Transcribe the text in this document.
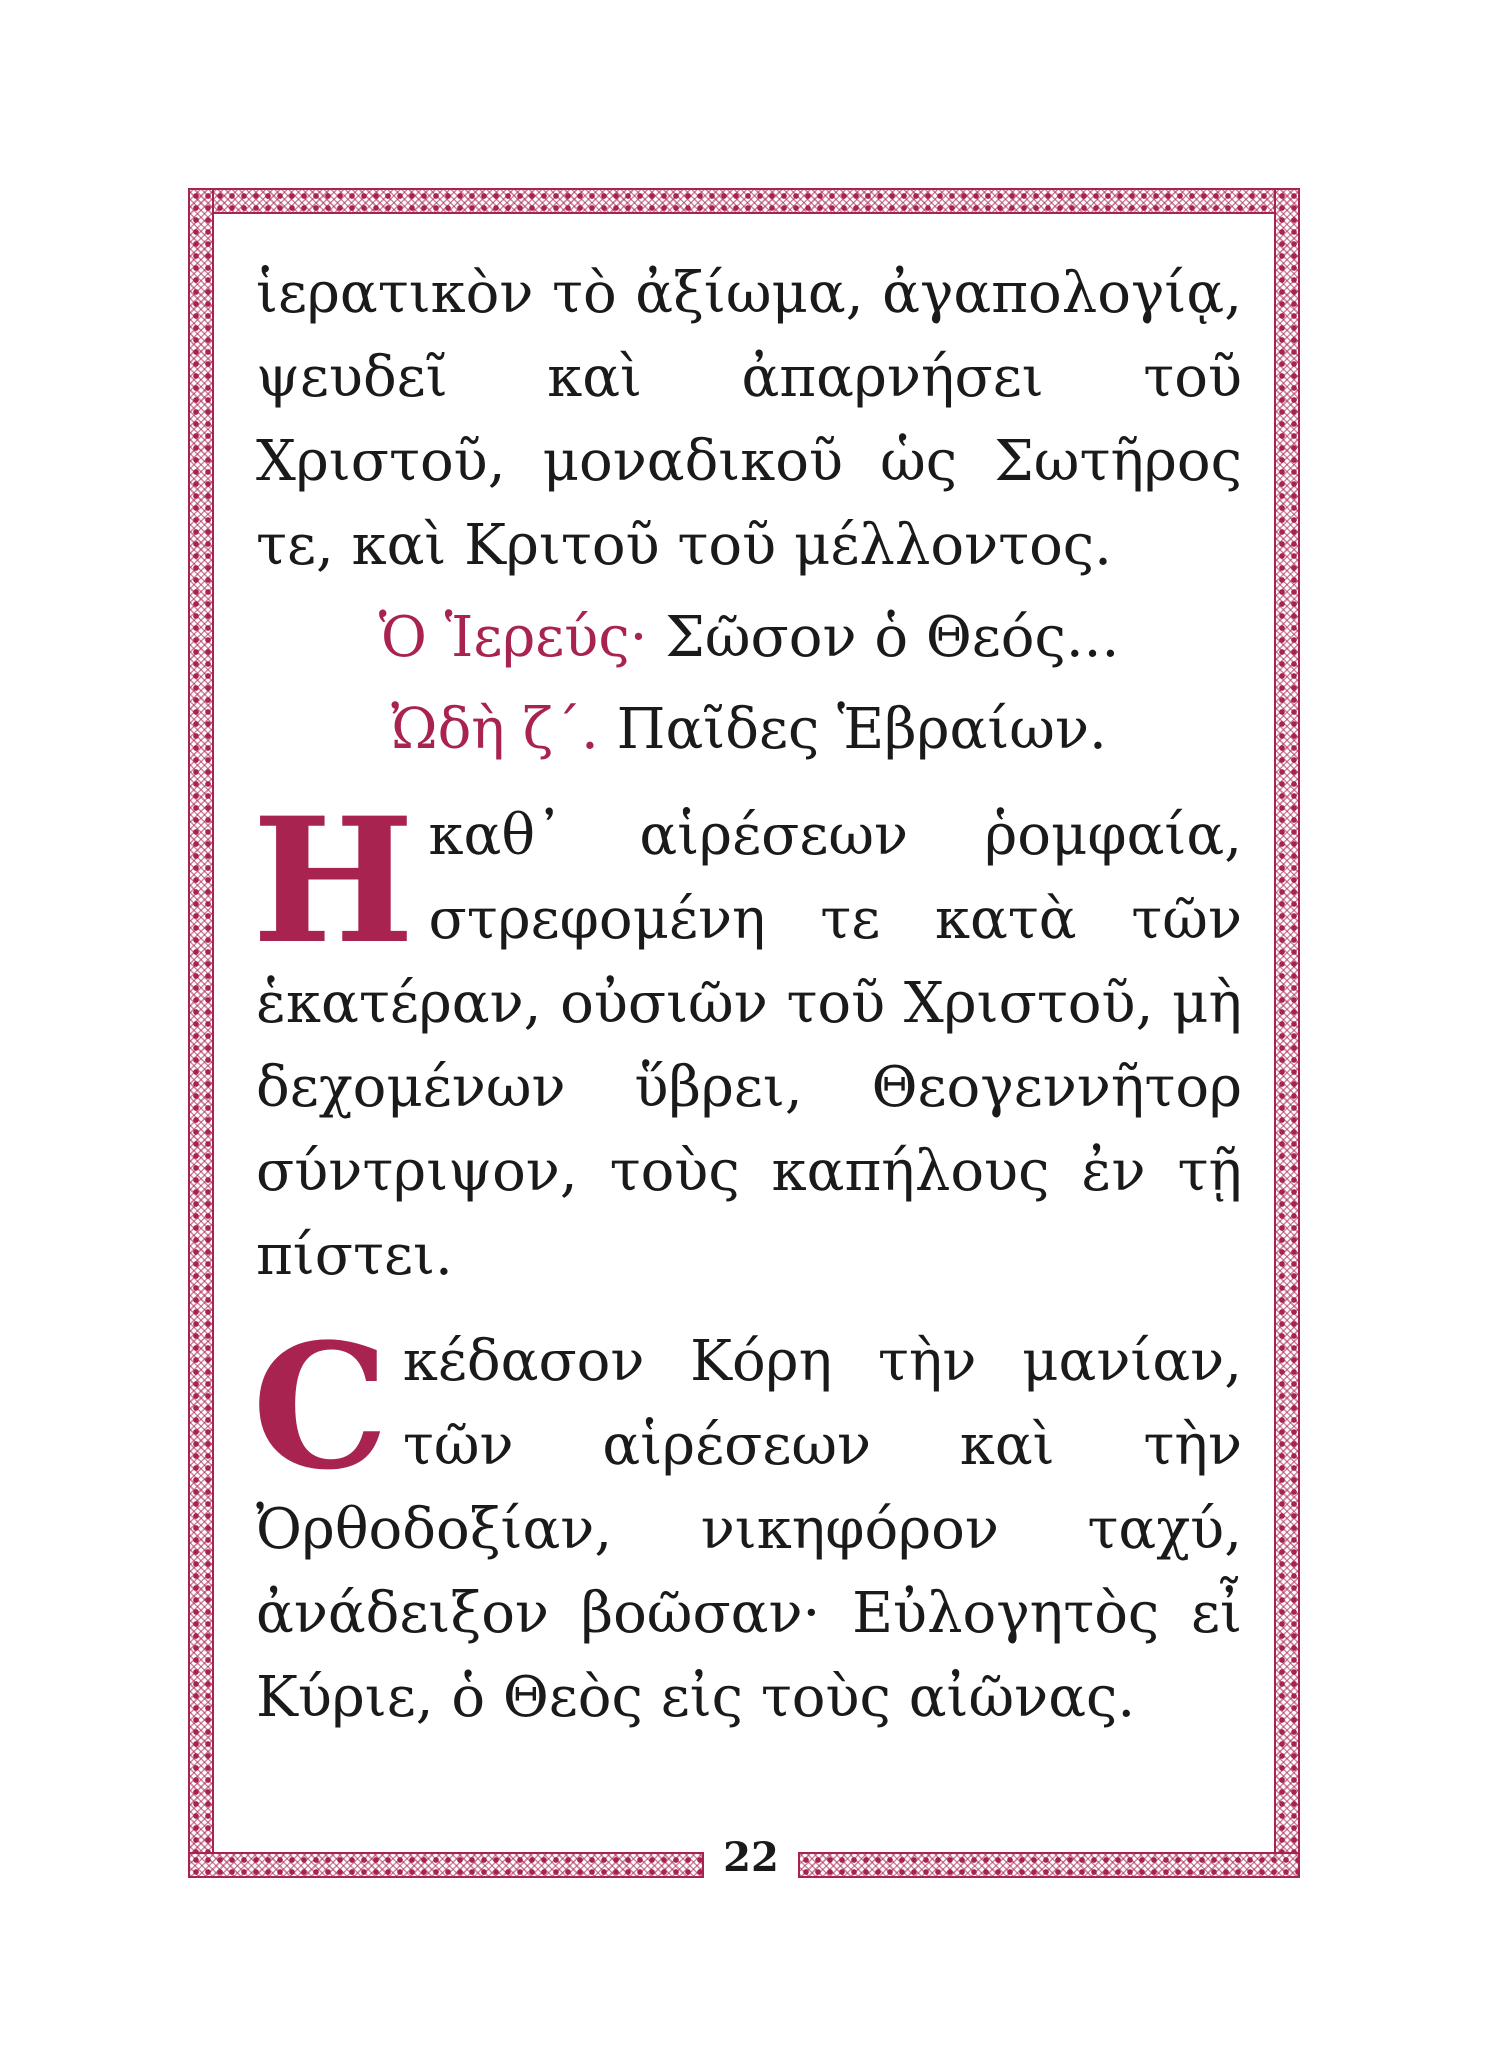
ἱερατικὸν τὸ ἀξίωμα, ἀγαπολογίᾳ, ψευδεῖ καὶ ἀπαρνήσει τοῦ Χριστοῦ, μοναδικοῦ ὡς Σωτῆρος τε, καὶ Κριτοῦ τοῦ μέλλοντος.

Ὁ Ἱερεύς· Σῶσον ὁ Θεός...

Ὠδὴ ζ΄. Παῖδες Ἑβραίων.

Η καθ᾽ αἱρέσεων ῥομφαία, στρεφομένη τε κατὰ τῶν ἑκατέραν, οὐσιῶν τοῦ Χριστοῦ, μὴ δεχομένων ὕβρει, Θεογεννῆτορ σύντριψον, τοὺς καπήλους ἐν τῇ πίστει.

С κέδασον Κόρη τὴν μανίαν, τῶν αἱρέσεων καὶ τὴν Ὀρθοδοξίαν, νικηφόρον ταχύ, ἀνάδειξον βοῶσαν· Εὐλογητὸς εἶ Κύριε, ὁ Θεὸς εἰς τοὺς αἰῶνας.

22
